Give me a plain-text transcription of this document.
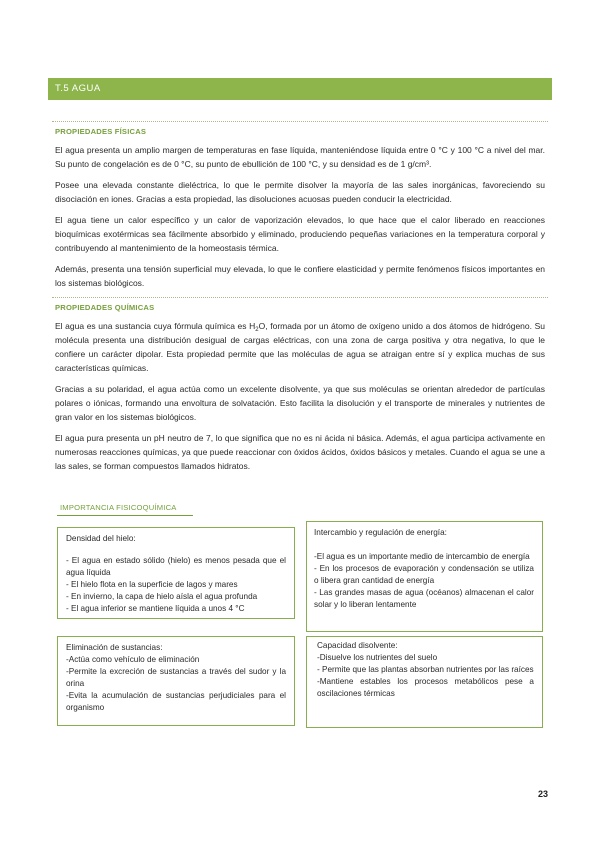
T.5 AGUA
PROPIEDADES FÍSICAS

El agua presenta un amplio margen de temperaturas en fase líquida, manteniéndose líquida entre 0 °C y 100 °C a nivel del mar. Su punto de congelación es de 0 °C, su punto de ebullición de 100 °C, y su densidad es de 1 g/cm³.

Posee una elevada constante dieléctrica, lo que le permite disolver la mayoría de las sales inorgánicas, favoreciendo su disociación en iones. Gracias a esta propiedad, las disoluciones acuosas pueden conducir la electricidad.

El agua tiene un calor específico y un calor de vaporización elevados, lo que hace que el calor liberado en reacciones bioquímicas exotérmicas sea fácilmente absorbido y eliminado, produciendo pequeñas variaciones en la temperatura corporal y contribuyendo al mantenimiento de la homeostasis térmica.

Además, presenta una tensión superficial muy elevada, lo que le confiere elasticidad y permite fenómenos físicos importantes en los sistemas biológicos.

PROPIEDADES QUÍMICAS

El agua es una sustancia cuya fórmula química es $H_2O$, formada por un átomo de oxígeno unido a dos átomos de hidrógeno. Su molécula presenta una distribución desigual de cargas eléctricas, con una zona de carga positiva y otra negativa, lo que le confiere un carácter dipolar. Esta propiedad permite que las moléculas de agua se atraigan entre sí y explica muchas de sus características químicas.

Gracias a su polaridad, el agua actúa como un excelente disolvente, ya que sus moléculas se orientan alrededor de partículas polares o iónicas, formando una envoltura de solvatación. Esto facilita la disolución y el transporte de minerales y nutrientes de gran valor en los sistemas biológicos.

El agua pura presenta un pH neutro de 7, lo que significa que no es ni ácida ni básica. Además, el agua participa activamente en numerosas reacciones químicas, ya que puede reaccionar con óxidos ácidos, óxidos básicos y metales. Cuando el agua se une a las sales, se forman compuestos llamados hidratos.

IMPORTANCIA FISICOQUÍMICA

Densidad del hielo:

- El agua en estado sólido (hielo) es menos pesada que el agua líquida

- El hielo flota en la superficie de lagos y mares

- En invierno, la capa de hielo aísla el agua profunda

- El agua inferior se mantiene líquida a unos 4 °C

Intercambio y regulación de energía:

-El agua es un importante medio de intercambio de energía

- En los procesos de evaporación y condensación se utiliza o libera gran cantidad de energía

- Las grandes masas de agua (océanos) almacenan el calor solar y lo liberan lentamente

Eliminación de sustancias:

-Actúa como vehículo de eliminación

-Permite la excreción de sustancias a través del sudor y la orina

-Evita la acumulación de sustancias perjudiciales para el organismo

Capacidad disolvente:

-Disuelve los nutrientes del suelo

- Permite que las plantas absorban nutrientes por las raíces

-Mantiene estables los procesos metabólicos pese a oscilaciones térmicas

23
